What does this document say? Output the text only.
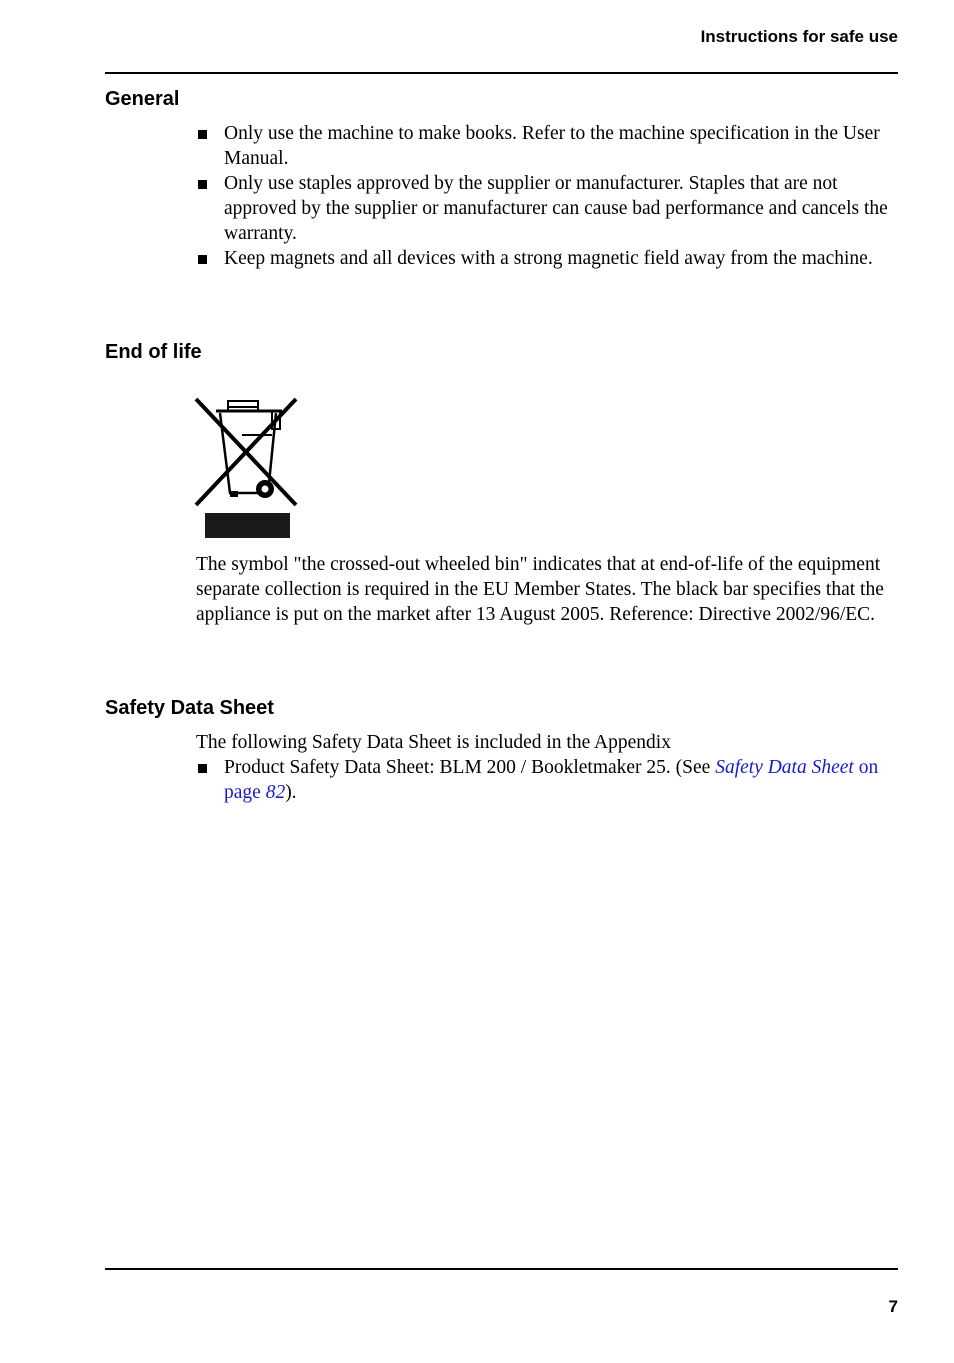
Instructions for safe use
General
Only use the machine to make books. Refer to the machine specification in the User Manual.
Only use staples approved by the supplier or manufacturer. Staples that are not approved by the supplier or manufacturer can cause bad performance and cancels the warranty.
Keep magnets and all devices with a strong magnetic field away from the machine.
End of life

The symbol "the crossed-out wheeled bin" indicates that at end-of-life of the equipment separate collection is required in the EU Member States. The black bar specifies that the appliance is put on the market after 13 August 2005. Reference: Directive 2002/96/EC.

Safety Data Sheet

The following Safety Data Sheet is included in the Appendix

Product Safety Data Sheet: BLM 200 / Bookletmaker 25. (See Safety Data Sheet on page 82).
7
